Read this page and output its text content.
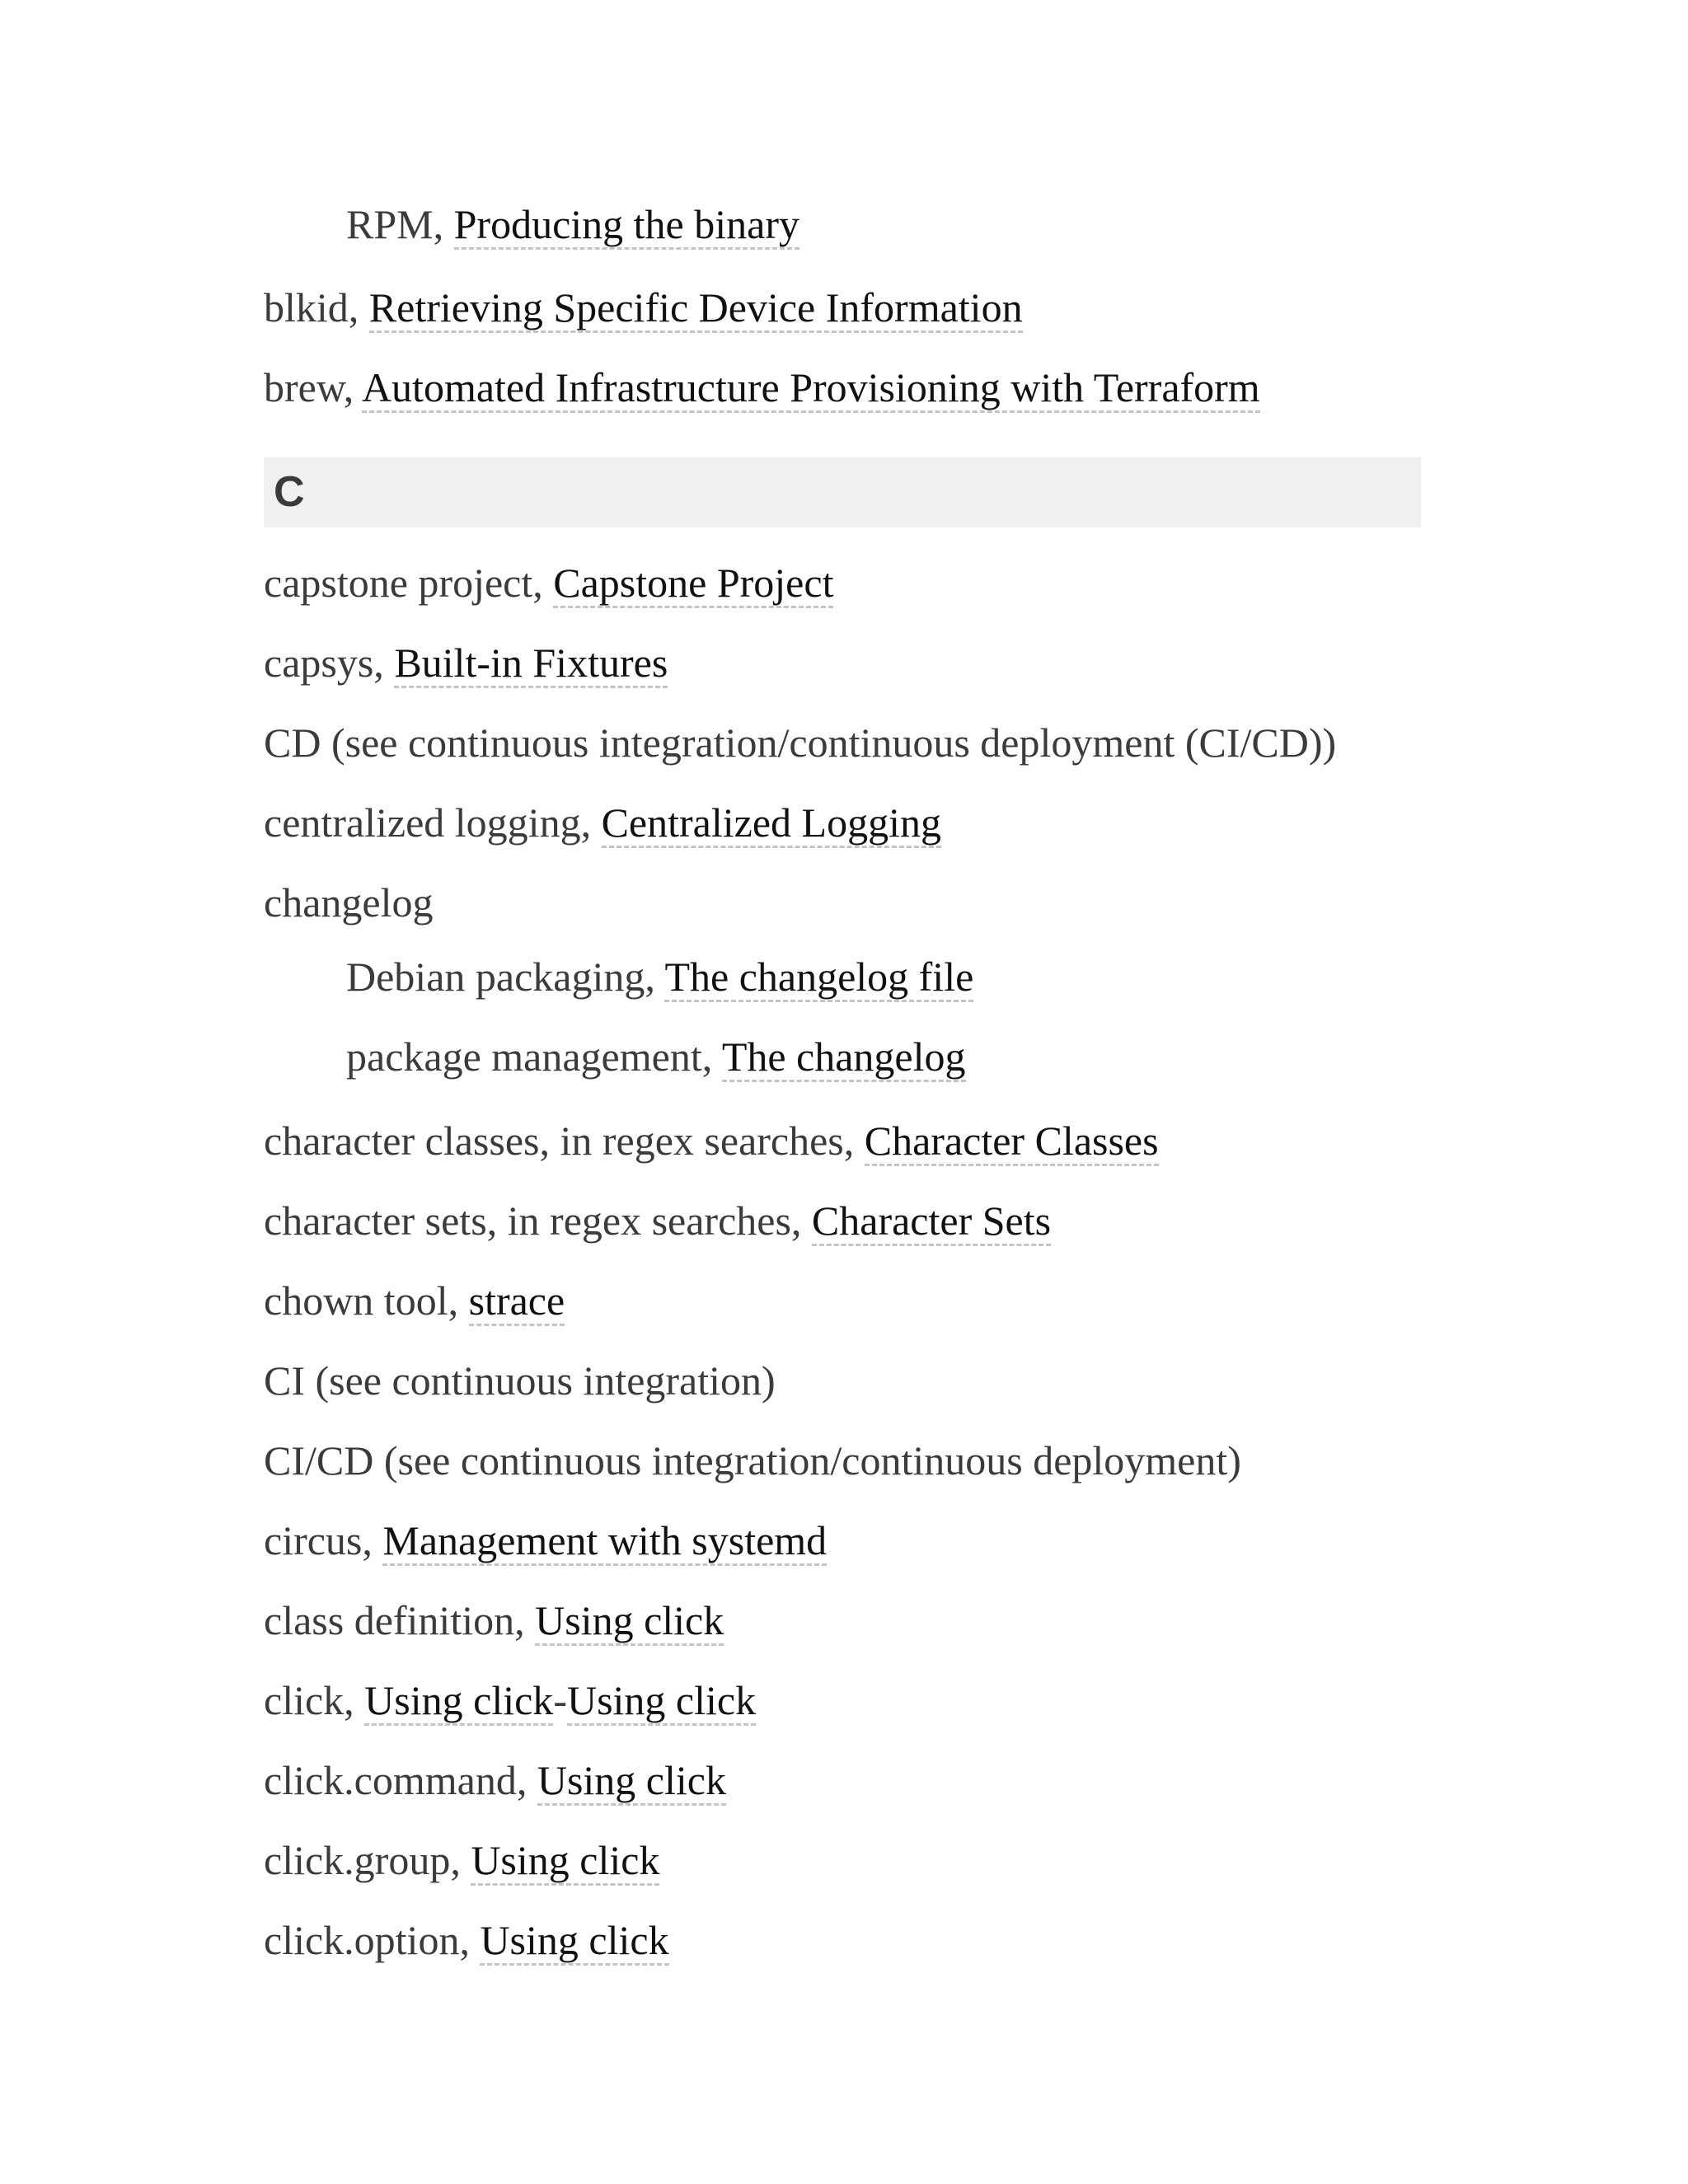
RPM, Producing the binary
blkid, Retrieving Specific Device Information
brew, Automated Infrastructure Provisioning with Terraform
C
capstone project, Capstone Project
capsys, Built-in Fixtures
CD (see continuous integration/continuous deployment (CI/CD))
centralized logging, Centralized Logging
changelog
Debian packaging, The changelog file
package management, The changelog
character classes, in regex searches, Character Classes
character sets, in regex searches, Character Sets
chown tool, strace
CI (see continuous integration)
CI/CD (see continuous integration/continuous deployment)
circus, Management with systemd
class definition, Using click
click, Using click-Using click
click.command, Using click
click.group, Using click
click.option, Using click
